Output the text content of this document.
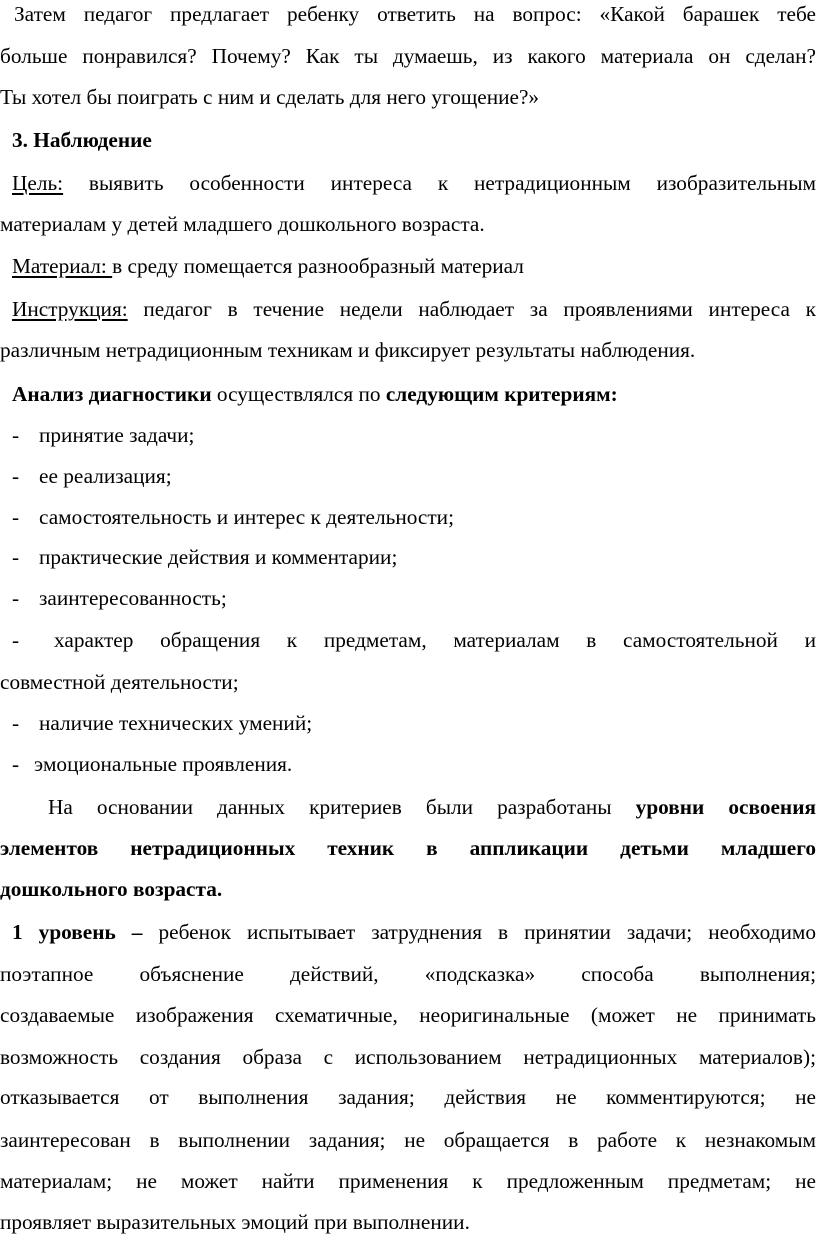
Затем педагог предлагает ребенку ответить на вопрос: «Какой барашек тебе

больше понравился? Почему? Как ты думаешь, из какого материала он сделан?

Ты хотел бы поиграть с ним и сделать для него угощение?»

3. Наблюдение

Цель: выявить особенности интереса к нетрадиционным изобразительным

материалам у детей младшего дошкольного возраста.

Материал: в среду помещается разнообразный материал

Инструкция: педагог в течение недели наблюдает за проявлениями интереса к

различным нетрадиционным техникам и фиксирует результаты наблюдения.

Анализ диагностики осуществлялся по следующим критериям:

- принятие задачи;

- ее реализация;

- самостоятельность и интерес к деятельности;

- практические действия и комментарии;

- заинтересованность;

- характер обращения к предметам, материалам в самостоятельной и

совместной деятельности;

- наличие технических умений;

- эмоциональные проявления.

На основании данных критериев были разработаны уровни освоения

элементов нетрадиционных техник в аппликации детьми младшего

дошкольного возраста.

1 уровень – ребенок испытывает затруднения в принятии задачи; необходимо

поэтапное объяснение действий, «подсказка» способа выполнения;

создаваемые изображения схематичные, неоригинальные (может не принимать

возможность создания образа с использованием нетрадиционных материалов);

отказывается от выполнения задания; действия не комментируются; не

заинтересован в выполнении задания; не обращается в работе к незнакомым

материалам; не может найти применения к предложенным предметам; не

проявляет выразительных эмоций при выполнении.
